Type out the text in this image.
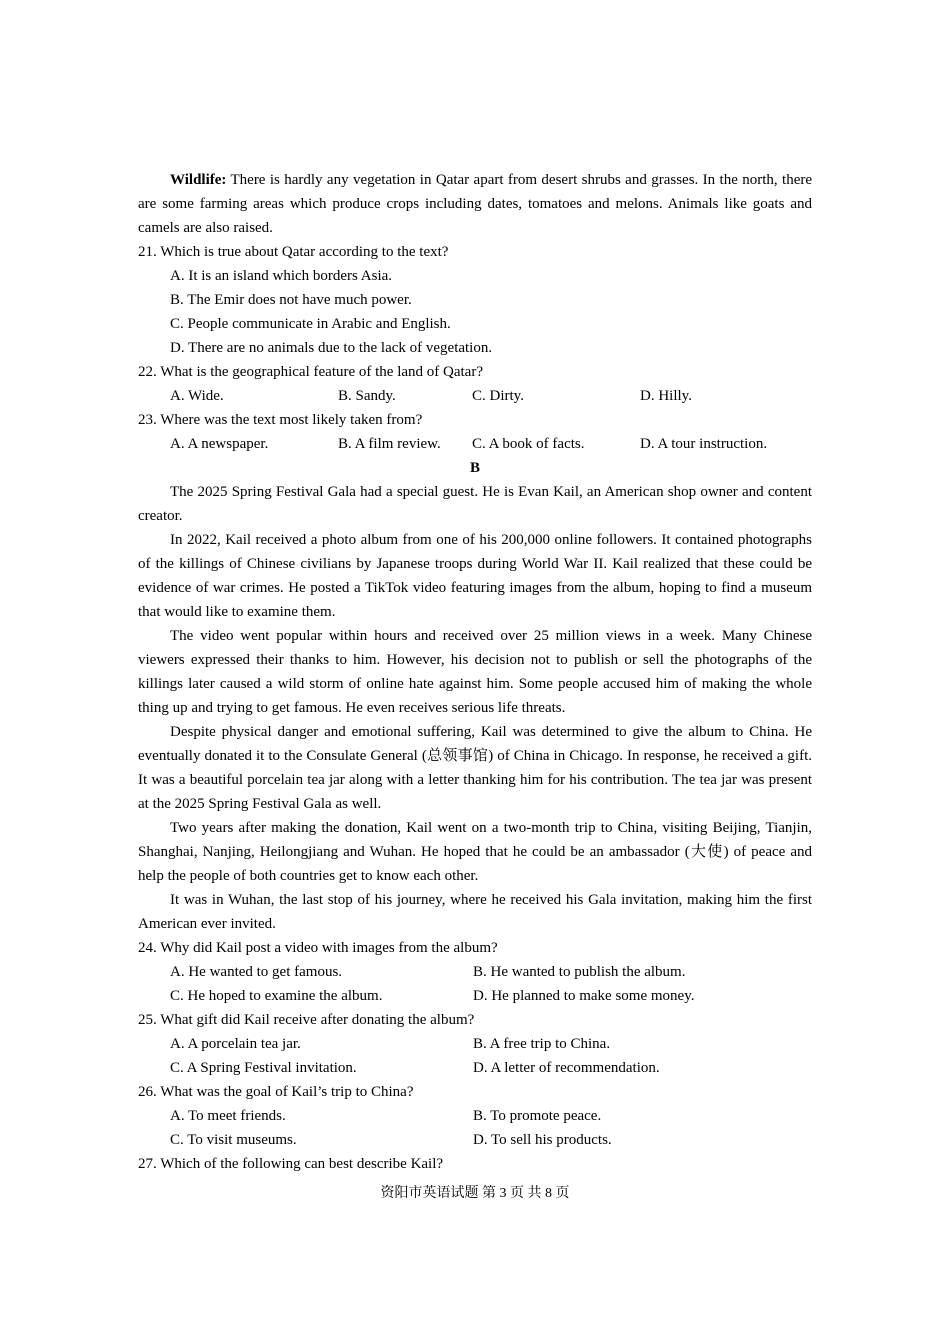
Wildlife: There is hardly any vegetation in Qatar apart from desert shrubs and grasses. In the north, there are some farming areas which produce crops including dates, tomatoes and melons. Animals like goats and camels are also raised.
21. Which is true about Qatar according to the text?
A. It is an island which borders Asia.
B. The Emir does not have much power.
C. People communicate in Arabic and English.
D. There are no animals due to the lack of vegetation.
22. What is the geographical feature of the land of Qatar?
A. Wide.	B. Sandy.	C. Dirty.	D. Hilly.
23. Where was the text most likely taken from?
A. A newspaper.	B. A film review.	C. A book of facts.	D. A tour instruction.
B
The 2025 Spring Festival Gala had a special guest. He is Evan Kail, an American shop owner and content creator.
In 2022, Kail received a photo album from one of his 200,000 online followers. It contained photographs of the killings of Chinese civilians by Japanese troops during World War II. Kail realized that these could be evidence of war crimes. He posted a TikTok video featuring images from the album, hoping to find a museum that would like to examine them.
The video went popular within hours and received over 25 million views in a week. Many Chinese viewers expressed their thanks to him. However, his decision not to publish or sell the photographs of the killings later caused a wild storm of online hate against him. Some people accused him of making the whole thing up and trying to get famous. He even receives serious life threats.
Despite physical danger and emotional suffering, Kail was determined to give the album to China. He eventually donated it to the Consulate General (总领事馆) of China in Chicago. In response, he received a gift. It was a beautiful porcelain tea jar along with a letter thanking him for his contribution. The tea jar was present at the 2025 Spring Festival Gala as well.
Two years after making the donation, Kail went on a two-month trip to China, visiting Beijing, Tianjin, Shanghai, Nanjing, Heilongjiang and Wuhan. He hoped that he could be an ambassador (大使) of peace and help the people of both countries get to know each other.
It was in Wuhan, the last stop of his journey, where he received his Gala invitation, making him the first American ever invited.
24. Why did Kail post a video with images from the album?
A. He wanted to get famous.	B. He wanted to publish the album.
C. He hoped to examine the album.	D. He planned to make some money.
25. What gift did Kail receive after donating the album?
A. A porcelain tea jar.	B. A free trip to China.
C. A Spring Festival invitation.	D. A letter of recommendation.
26. What was the goal of Kail’s trip to China?
A. To meet friends.	B. To promote peace.
C. To visit museums.	D. To sell his products.
27. Which of the following can best describe Kail?
资阳市英语试题 第 3 页 共 8 页
